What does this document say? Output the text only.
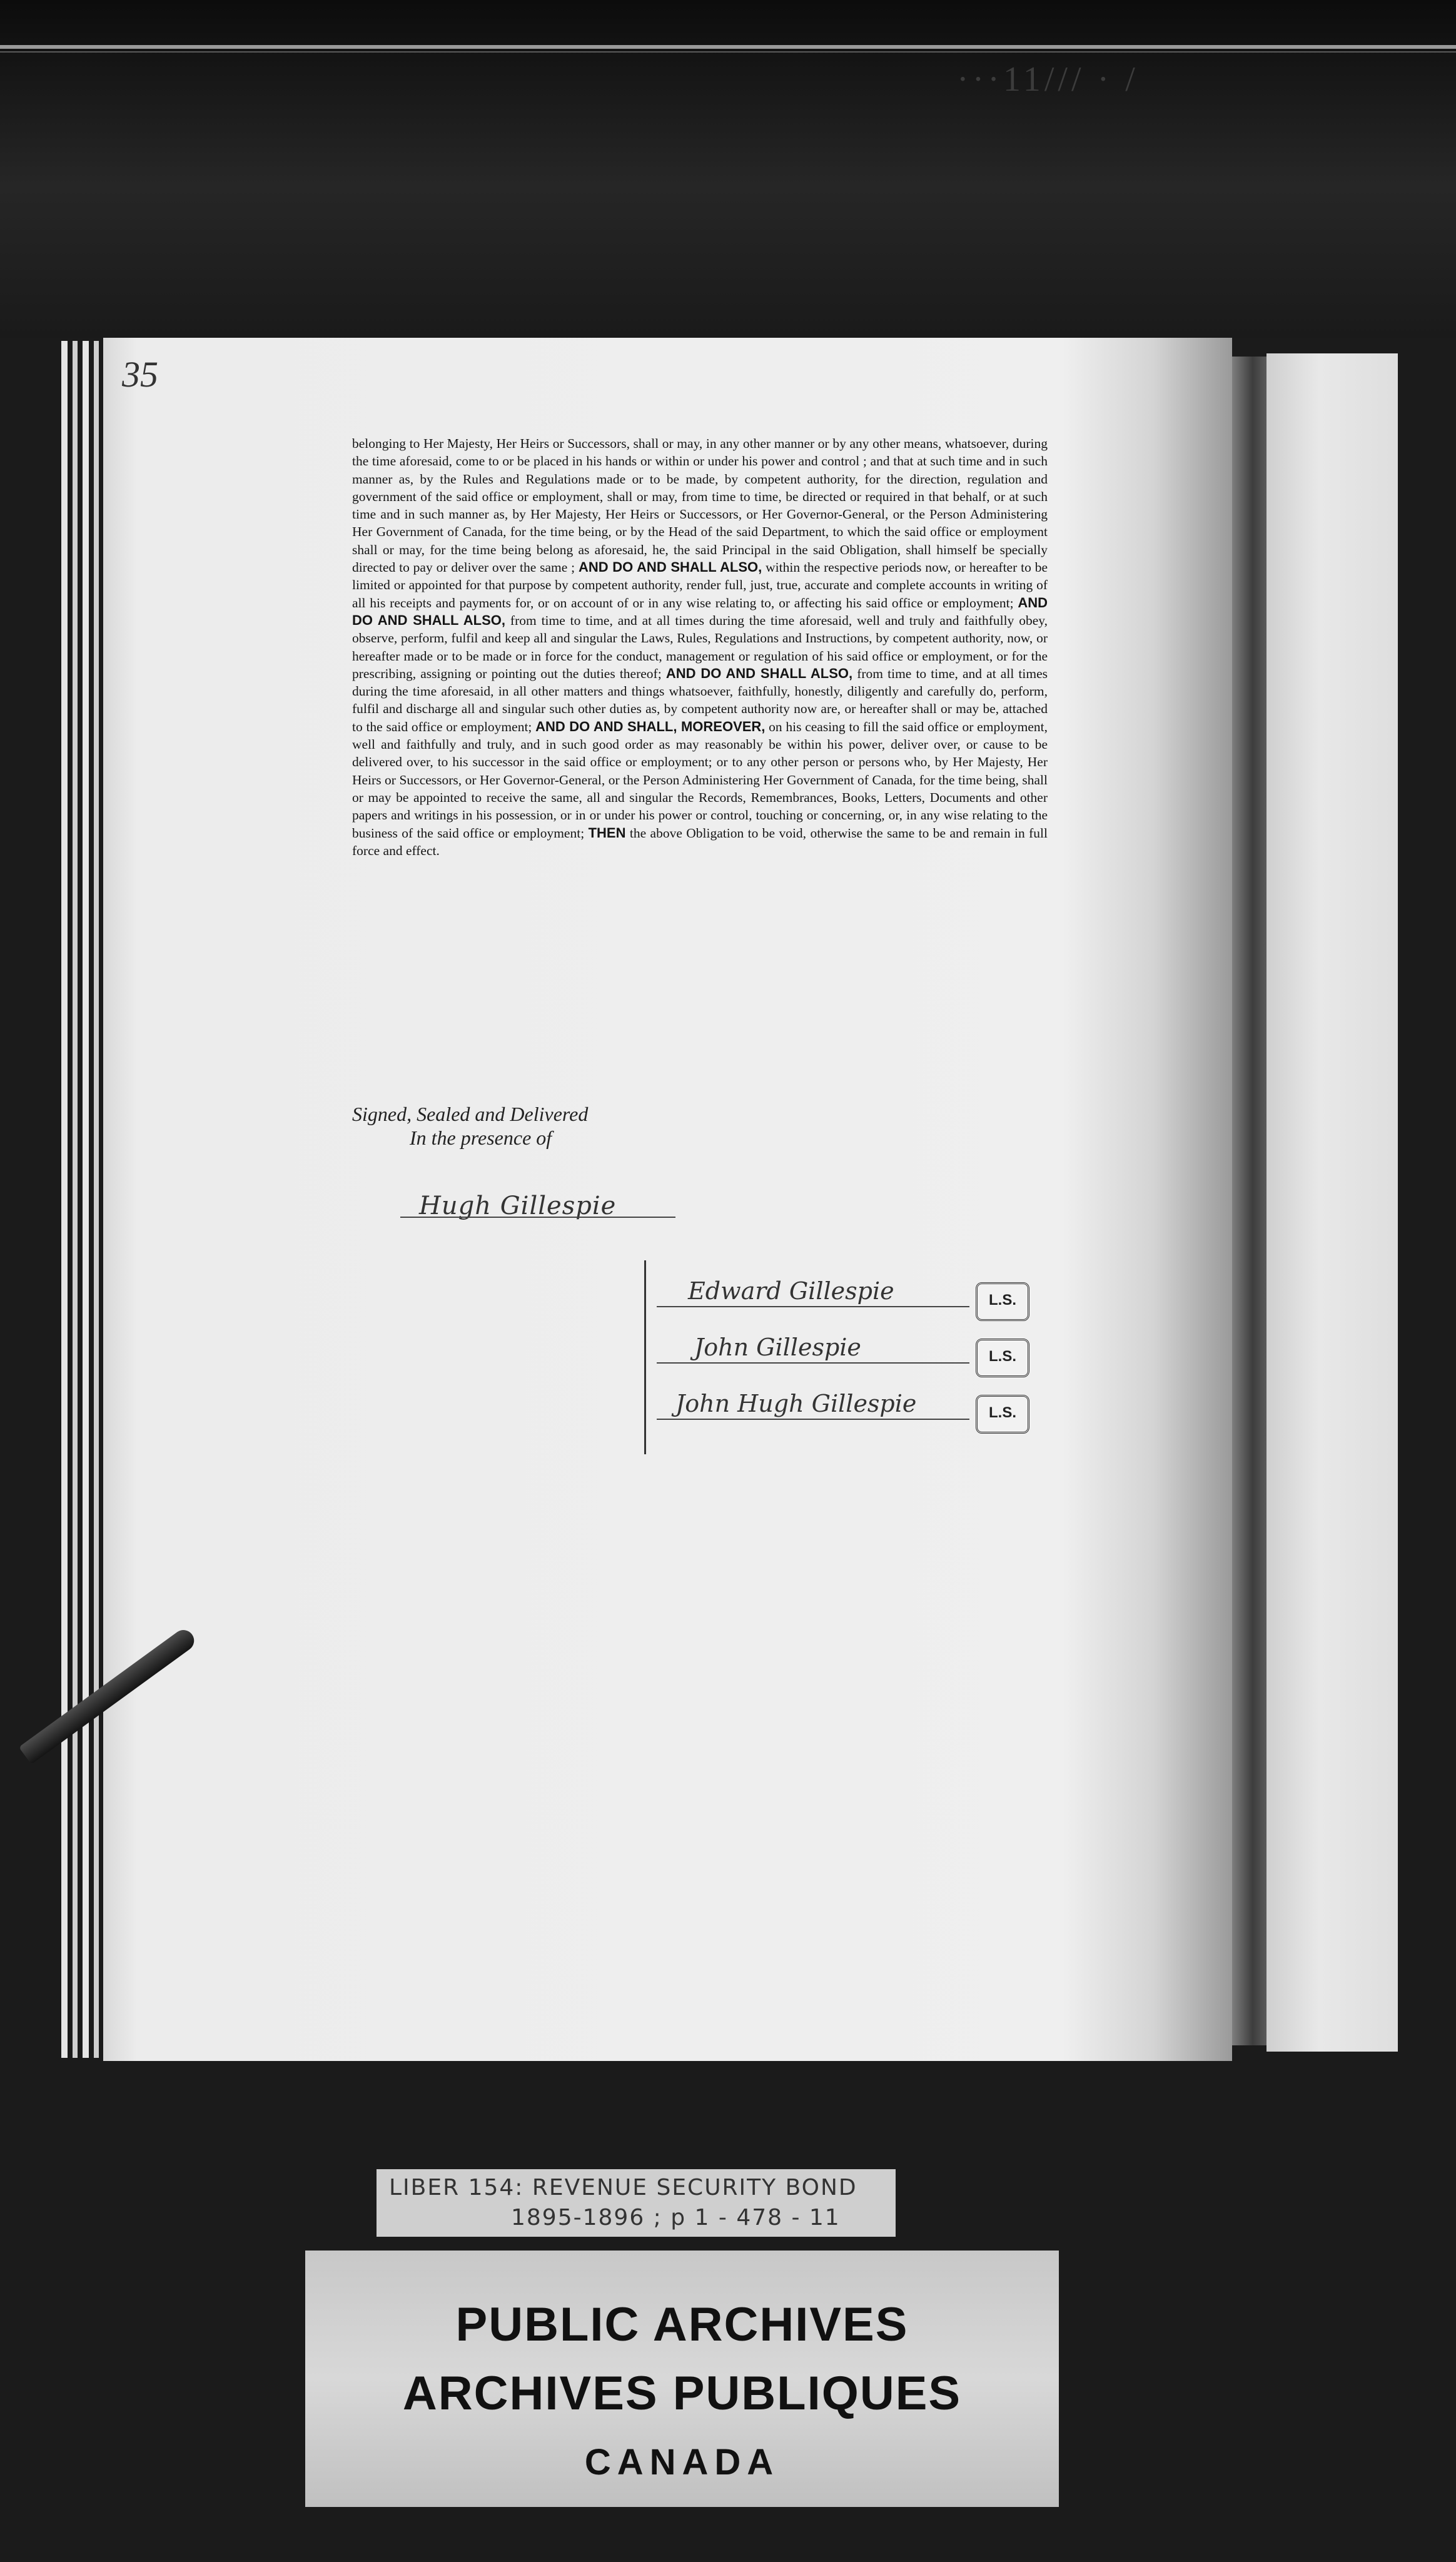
···11/// · /
35
belonging to Her Majesty, Her Heirs or Successors, shall or may, in any other manner or by any other means, whatsoever, during the time aforesaid, come to or be placed in his hands or within or under his power and control ; and that at such time and in such manner as, by the Rules and Regulations made or to be made, by competent authority, for the direction, regulation and government of the said office or employment, shall or may, from time to time, be directed or required in that behalf, or at such time and in such manner as, by Her Majesty, Her Heirs or Successors, or Her Governor-General, or the Person Administering Her Government of Canada, for the time being, or by the Head of the said Department, to which the said office or employment shall or may, for the time being belong as aforesaid, he, the said Principal in the said Obligation, shall himself be specially directed to pay or deliver over the same ; AND DO AND SHALL ALSO, within the respective periods now, or hereafter to be limited or appointed for that purpose by competent authority, render full, just, true, accurate and complete accounts in writing of all his receipts and payments for, or on account of or in any wise relating to, or affecting his said office or employment; AND DO AND SHALL ALSO, from time to time, and at all times during the time aforesaid, well and truly and faithfully obey, observe, perform, fulfil and keep all and singular the Laws, Rules, Regulations and Instructions, by competent authority, now, or hereafter made or to be made or in force for the conduct, management or regulation of his said office or employment, or for the prescribing, assigning or pointing out the duties thereof; AND DO AND SHALL ALSO, from time to time, and at all times during the time aforesaid, in all other matters and things whatsoever, faithfully, honestly, diligently and carefully do, perform, fulfil and discharge all and singular such other duties as, by competent authority now are, or hereafter shall or may be, attached to the said office or employment; AND DO AND SHALL, MOREOVER, on his ceasing to fill the said office or employment, well and faithfully and truly, and in such good order as may reasonably be within his power, deliver over, or cause to be delivered over, to his successor in the said office or employment; or to any other person or persons who, by Her Majesty, Her Heirs or Successors, or Her Governor-General, or the Person Administering Her Government of Canada, for the time being, shall or may be appointed to receive the same, all and singular the Records, Remembrances, Books, Letters, Documents and other papers and writings in his possession, or in or under his power or control, touching or concerning, or, in any wise relating to the business of the said office or employment; THEN the above Obligation to be void, otherwise the same to be and remain in full force and effect.
Signed, Sealed and Delivered
In the presence of
Hugh Gillespie
Edward Gillespie	L.S.
John Gillespie	L.S.
John Hugh Gillespie	L.S.
LIBER 154: REVENUE SECURITY BOND
1895-1896 ; p 1 - 478 - 11
PUBLIC ARCHIVES
ARCHIVES PUBLIQUES
CANADA
